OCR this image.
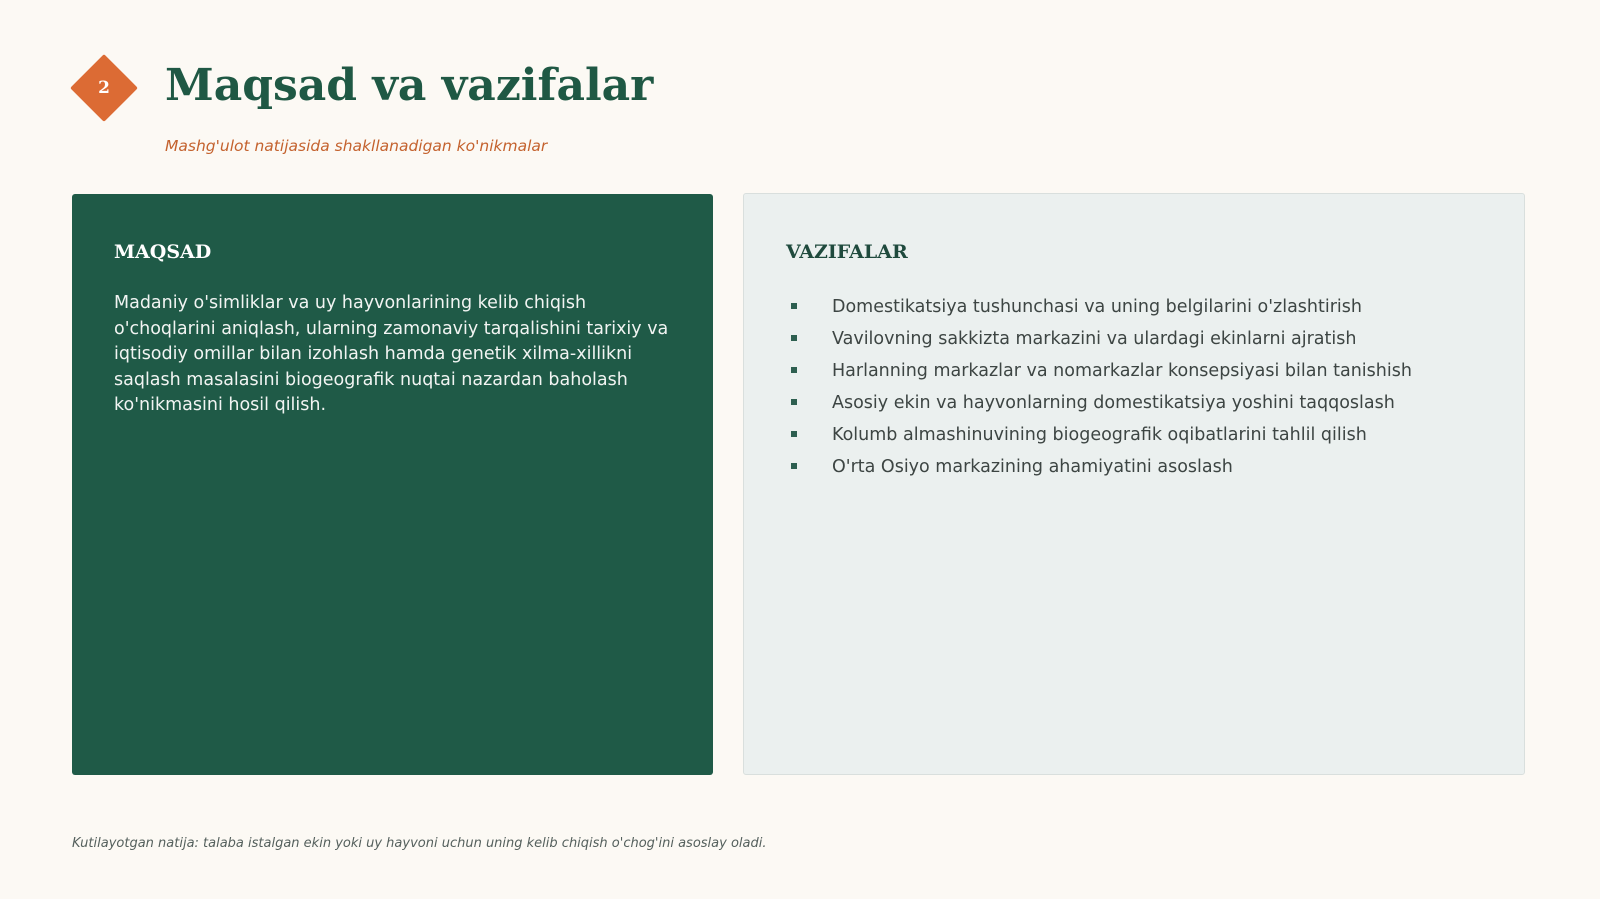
2	Maqsad va vazifalar

Mashg'ulot natijasida shakllanadigan ko'nikmalar

MAQSAD

Madaniy o'simliklar va uy hayvonlarining kelib chiqish o'choqlarini aniqlash, ularning zamonaviy tarqalishini tarixiy va iqtisodiy omillar bilan izohlash hamda genetik xilma-xillikni saqlash masalasini biogeografik nuqtai nazardan baholash ko'nikmasini hosil qilish.

VAZIFALAR
Domestikatsiya tushunchasi va uning belgilarini o'zlashtirish
Vavilovning sakkizta markazini va ulardagi ekinlarni ajratish
Harlanning markazlar va nomarkazlar konsepsiyasi bilan tanishish
Asosiy ekin va hayvonlarning domestikatsiya yoshini taqqoslash
Kolumb almashinuvining biogeografik oqibatlarini tahlil qilish
O'rta Osiyo markazining ahamiyatini asoslash

Kutilayotgan natija: talaba istalgan ekin yoki uy hayvoni uchun uning kelib chiqish o'chog'ini asoslay oladi.
